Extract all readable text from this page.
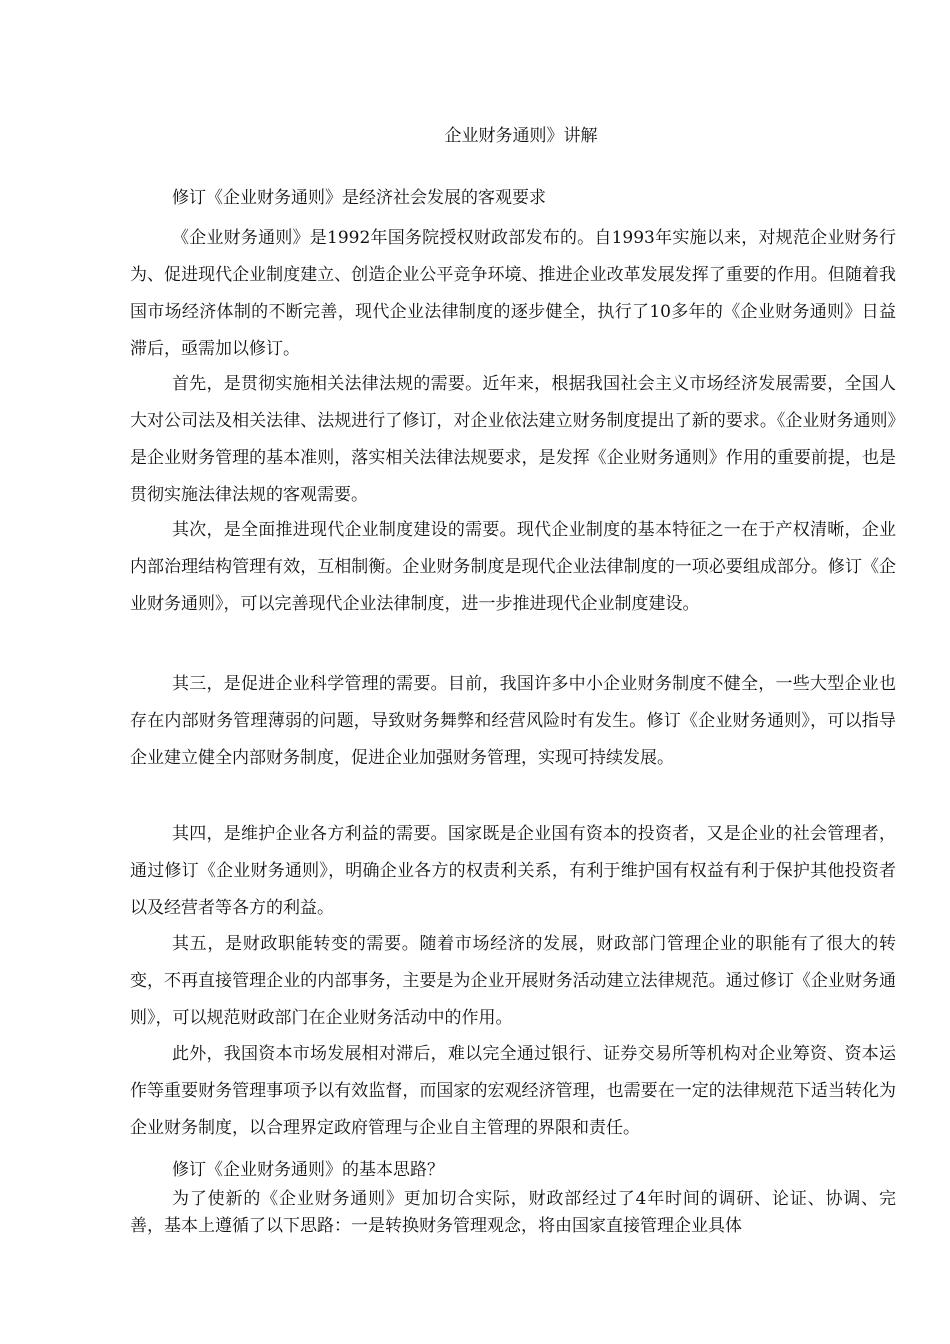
企业财务通则》讲解
修订《企业财务通则》是经济社会发展的客观要求

《企业财务通则》是1992年国务院授权财政部发布的。自1993年实施以来，对规范企业财务行为、促进现代企业制度建立、创造企业公平竞争环境、推进企业改革发展发挥了重要的作用。但随着我国市场经济体制的不断完善，现代企业法律制度的逐步健全，执行了10多年的《企业财务通则》日益滞后，亟需加以修订。

首先，是贯彻实施相关法律法规的需要。近年来，根据我国社会主义市场经济发展需要，全国人大对公司法及相关法律、法规进行了修订，对企业依法建立财务制度提出了新的要求。《企业财务通则》是企业财务管理的基本准则，落实相关法律法规要求，是发挥《企业财务通则》作用的重要前提，也是贯彻实施法律法规的客观需要。

其次，是全面推进现代企业制度建设的需要。现代企业制度的基本特征之一在于产权清晰，企业内部治理结构管理有效，互相制衡。企业财务制度是现代企业法律制度的一项必要组成部分。修订《企业财务通则》，可以完善现代企业法律制度，进一步推进现代企业制度建设。

其三，是促进企业科学管理的需要。目前，我国许多中小企业财务制度不健全，一些大型企业也存在内部财务管理薄弱的问题，导致财务舞弊和经营风险时有发生。修订《企业财务通则》，可以指导企业建立健全内部财务制度，促进企业加强财务管理，实现可持续发展。

其四，是维护企业各方利益的需要。国家既是企业国有资本的投资者，又是企业的社会管理者，通过修订《企业财务通则》，明确企业各方的权责利关系，有利于维护国有权益有利于保护其他投资者以及经营者等各方的利益。

其五，是财政职能转变的需要。随着市场经济的发展，财政部门管理企业的职能有了很大的转变，不再直接管理企业的内部事务，主要是为企业开展财务活动建立法律规范。通过修订《企业财务通则》，可以规范财政部门在企业财务活动中的作用。

此外，我国资本市场发展相对滞后，难以完全通过银行、证券交易所等机构对企业筹资、资本运作等重要财务管理事项予以有效监督，而国家的宏观经济管理，也需要在一定的法律规范下适当转化为企业财务制度，以合理界定政府管理与企业自主管理的界限和责任。

修订《企业财务通则》的基本思路？

为了使新的《企业财务通则》更加切合实际，财政部经过了4年时间的调研、论证、协调、完善，基本上遵循了以下思路：一是转换财务管理观念，将由国家直接管理企业具体
